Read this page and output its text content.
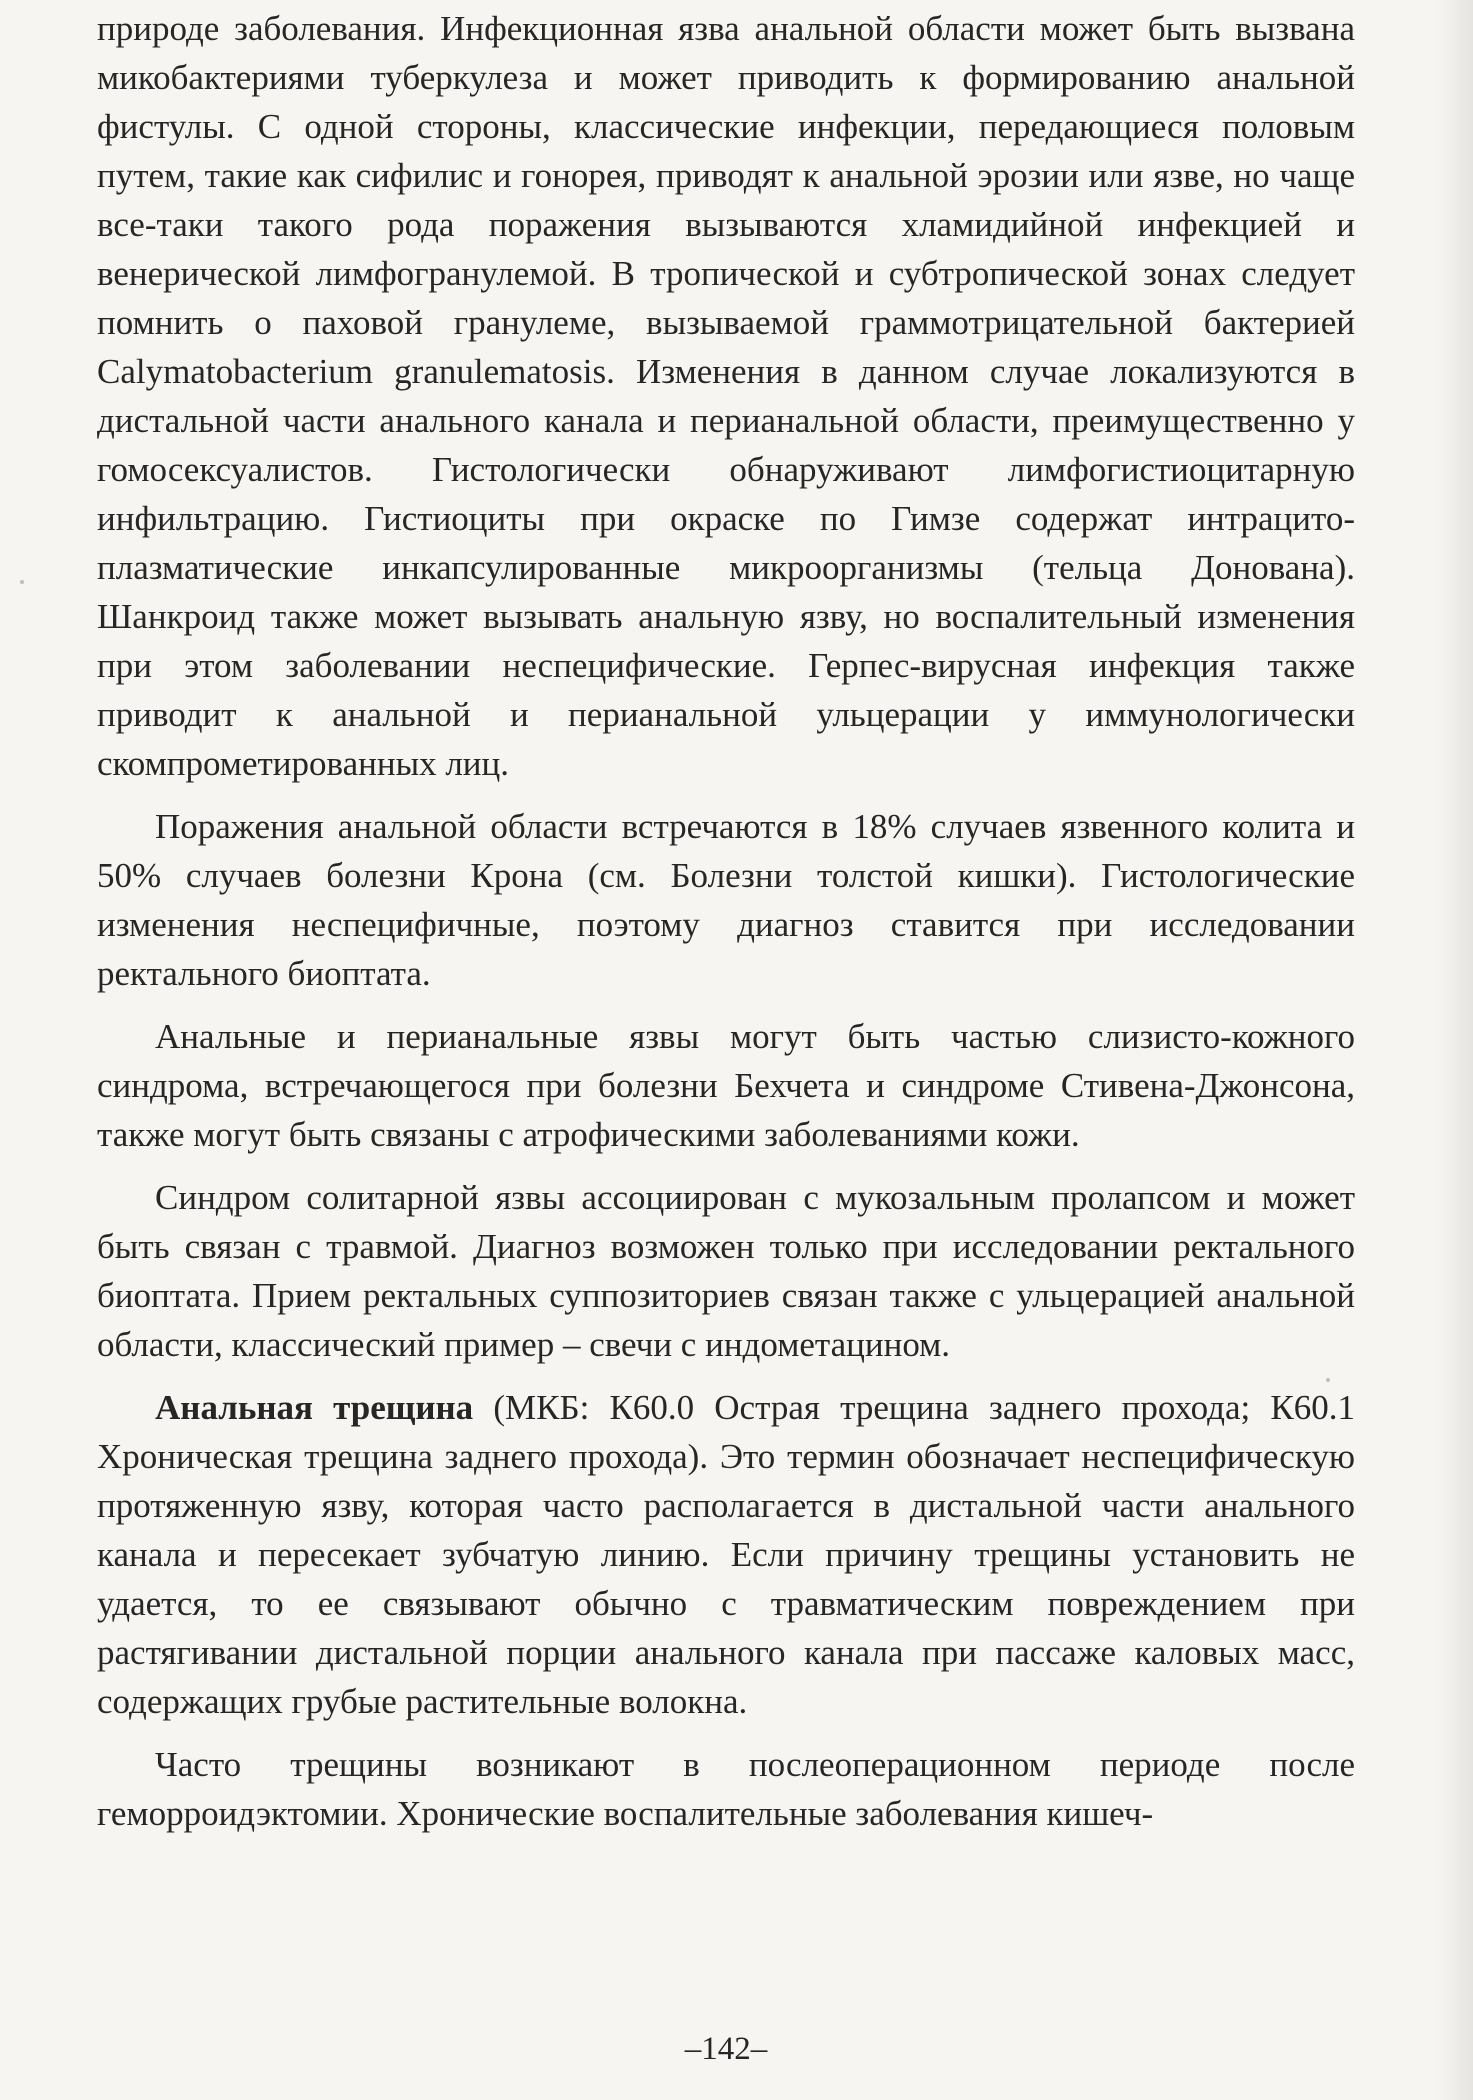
природе заболевания. Инфекционная язва анальной области может быть вызвана микобактериями туберкулеза и может приводить к формированию анальной фистулы. С одной стороны, классические инфекции, передающиеся половым путем, такие как сифилис и гонорея, приводят к анальной эрозии или язве, но чаще все-таки такого рода поражения вызываются хламидийной инфекцией и венерической лимфогранулемой. В тропической и субтропической зонах следует помнить о паховой гранулеме, вызываемой граммотрицательной бактерией Calymatobacterium granulematosis. Изменения в данном случае локализуются в дистальной части анального канала и перианальной области, преимущественно у гомосексуалистов. Гистологически обнаруживают лимфогистиоцитарную инфильтрацию. Гистиоциты при окраске по Гимзе содержат интрацитоплазматические инкапсулированные микроорганизмы (тельца Донована). Шанкроид также может вызывать анальную язву, но воспалительный изменения при этом заболевании неспецифические. Герпес-вирусная инфекция также приводит к анальной и перианальной ульцерации у иммунологически скомпрометированных лиц.

Поражения анальной области встречаются в 18% случаев язвенного колита и 50% случаев болезни Крона (см. Болезни толстой кишки). Гистологические изменения неспецифичные, поэтому диагноз ставится при исследовании ректального биоптата.

Анальные и перианальные язвы могут быть частью слизисто-кожного синдрома, встречающегося при болезни Бехчета и синдроме Стивена-Джонсона, также могут быть связаны с атрофическими заболеваниями кожи.

Синдром солитарной язвы ассоциирован с мукозальным пролапсом и может быть связан с травмой. Диагноз возможен только при исследовании ректального биоптата. Прием ректальных суппозиториев связан также с ульцерацией анальной области, классический пример – свечи с индометацином.

Анальная трещина (МКБ: К60.0 Острая трещина заднего прохода; К60.1 Хроническая трещина заднего прохода). Это термин обозначает неспецифическую протяженную язву, которая часто располагается в дистальной части анального канала и пересекает зубчатую линию. Если причину трещины установить не удается, то ее связывают обычно с травматическим повреждением при растягивании дистальной порции анального канала при пассаже каловых масс, содержащих грубые растительные волокна.

Часто трещины возникают в послеоперационном периоде после геморроидэктомии. Хронические воспалительные заболевания кишеч-

–142–
